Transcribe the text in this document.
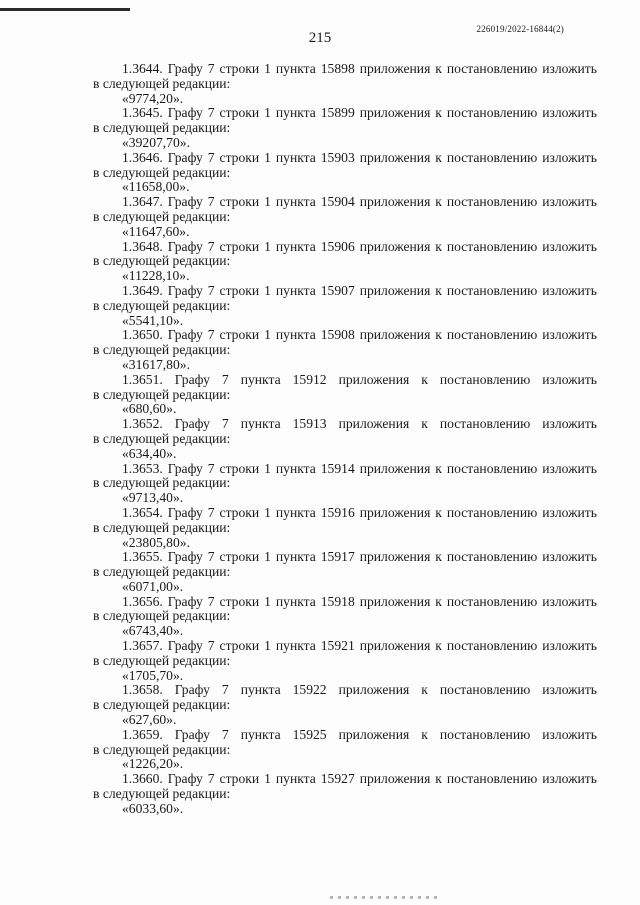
215
226019/2022-16844(2)
1.3644. Графу 7 строки 1 пункта 15898 приложения к постановлению изложить
в следующей редакции:
«9774,20».
1.3645. Графу 7 строки 1 пункта 15899 приложения к постановлению изложить
в следующей редакции:
«39207,70».
1.3646. Графу 7 строки 1 пункта 15903 приложения к постановлению изложить
в следующей редакции:
«11658,00».
1.3647. Графу 7 строки 1 пункта 15904 приложения к постановлению изложить
в следующей редакции:
«11647,60».
1.3648. Графу 7 строки 1 пункта 15906 приложения к постановлению изложить
в следующей редакции:
«11228,10».
1.3649. Графу 7 строки 1 пункта 15907 приложения к постановлению изложить
в следующей редакции:
«5541,10».
1.3650. Графу 7 строки 1 пункта 15908 приложения к постановлению изложить
в следующей редакции:
«31617,80».
1.3651. Графу 7 пункта 15912 приложения к постановлению изложить
в следующей редакции:
«680,60».
1.3652. Графу 7 пункта 15913 приложения к постановлению изложить
в следующей редакции:
«634,40».
1.3653. Графу 7 строки 1 пункта 15914 приложения к постановлению изложить
в следующей редакции:
«9713,40».
1.3654. Графу 7 строки 1 пункта 15916 приложения к постановлению изложить
в следующей редакции:
«23805,80».
1.3655. Графу 7 строки 1 пункта 15917 приложения к постановлению изложить
в следующей редакции:
«6071,00».
1.3656. Графу 7 строки 1 пункта 15918 приложения к постановлению изложить
в следующей редакции:
«6743,40».
1.3657. Графу 7 строки 1 пункта 15921 приложения к постановлению изложить
в следующей редакции:
«1705,70».
1.3658. Графу 7 пункта 15922 приложения к постановлению изложить
в следующей редакции:
«627,60».
1.3659. Графу 7 пункта 15925 приложения к постановлению изложить
в следующей редакции:
«1226,20».
1.3660. Графу 7 строки 1 пункта 15927 приложения к постановлению изложить
в следующей редакции:
«6033,60».
